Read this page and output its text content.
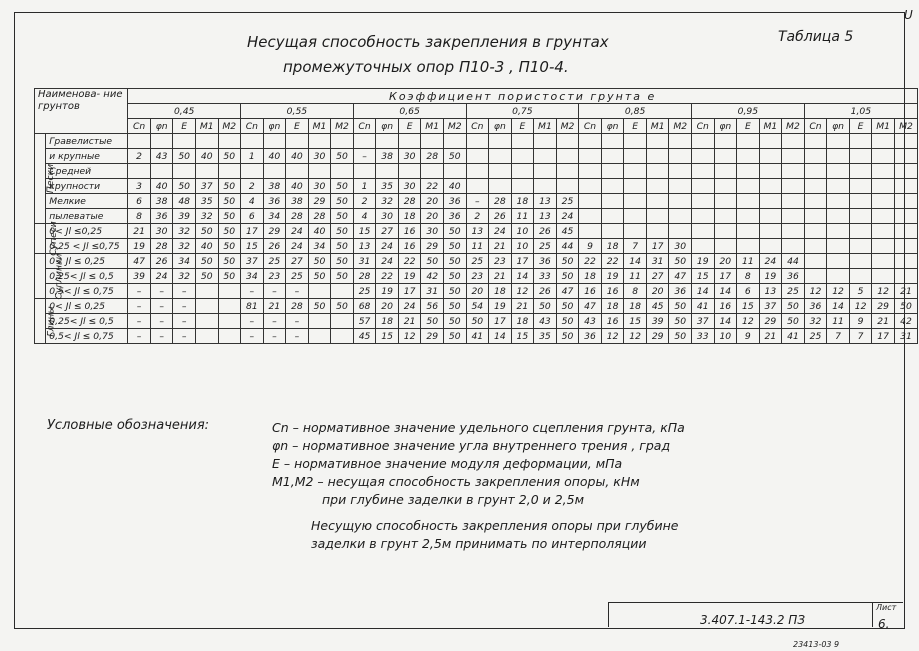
U
Несущая способность закрепления в грунтах
промежуточных опор П10-3 , П10-4.
Таблица 5
Наименова- ние грунтов		Коэффициент пористости грунта е																																		
		0,45					0,55					0,65					0,75					0,85					0,95					1,05				
		Cn	φn	E	M1	M2	Cn	φn	E	M1	M2	Cn	φn	E	M1	M2	Cn	φn	E	M1	M2	Cn	φn	E	M1	M2	Cn	φn	E	M1	M2	Cn	φn	E	M1	M2
Пески	Гравелистые																																			
	и крупные	2	43	50	40	50	1	40	40	30	50	–	38	30	28	50																				
	Средней																																			
	крупности	3	40	50	37	50	2	38	40	30	50	1	35	30	22	40																				
	Мелкие	6	38	48	35	50	4	36	38	29	50	2	32	28	20	36	–	28	18	13	25															
	пылеватые	8	36	39	32	50	6	34	28	28	50	4	30	18	20	36	2	26	11	13	24															
Супеси	0< Jl ≤0,25	21	30	32	50	50	17	29	24	40	50	15	27	16	30	50	13	24	10	26	45															
	0,25 < Jl ≤0,75	19	28	32	40	50	15	26	24	34	50	13	24	16	29	50	11	21	10	25	44	9	18	7	17	30										
Суглинки	0< Jl ≤ 0,25	47	26	34	50	50	37	25	27	50	50	31	24	22	50	50	25	23	17	36	50	22	22	14	31	50	19	20	11	24	44					
	0,25< Jl ≤ 0,5	39	24	32	50	50	34	23	25	50	50	28	22	19	42	50	23	21	14	33	50	18	19	11	27	47	15	17	8	19	36					
	0,5< Jl ≤ 0,75	–	–	–			–	–	–			25	19	17	31	50	20	18	12	26	47	16	16	8	20	36	14	14	6	13	25	12	12	5	12	21
Глины	0< Jl ≤ 0,25	–	–	–			81	21	28	50	50	68	20	24	56	50	54	19	21	50	50	47	18	18	45	50	41	16	15	37	50	36	14	12	29	50
	0,25< Jl ≤ 0,5	–	–	–			–	–	–			57	18	21	50	50	50	17	18	43	50	43	16	15	39	50	37	14	12	29	50	32	11	9	21	42
	0,5< Jl ≤ 0,75	–	–	–			–	–	–			45	15	12	29	50	41	14	15	35	50	36	12	12	29	50	33	10	9	21	41	25	7	7	17	31
Условные обозначения:	Cn – нормативное значение удельного сцепления грунта, кПа
φn – нормативное значение угла внутреннего трения , град
E – нормативное значение модуля деформации, мПа
M1,M2 – несущая способность закрепления опоры, кНм
при глубине заделки в грунт 2,0 и 2,5м
Несущую способность закрепления опоры при глубине
заделки в грунт 2,5м принимать по интерполяции
3.407.1-143.2 ПЗ
Лист
6.
23413-03 9
